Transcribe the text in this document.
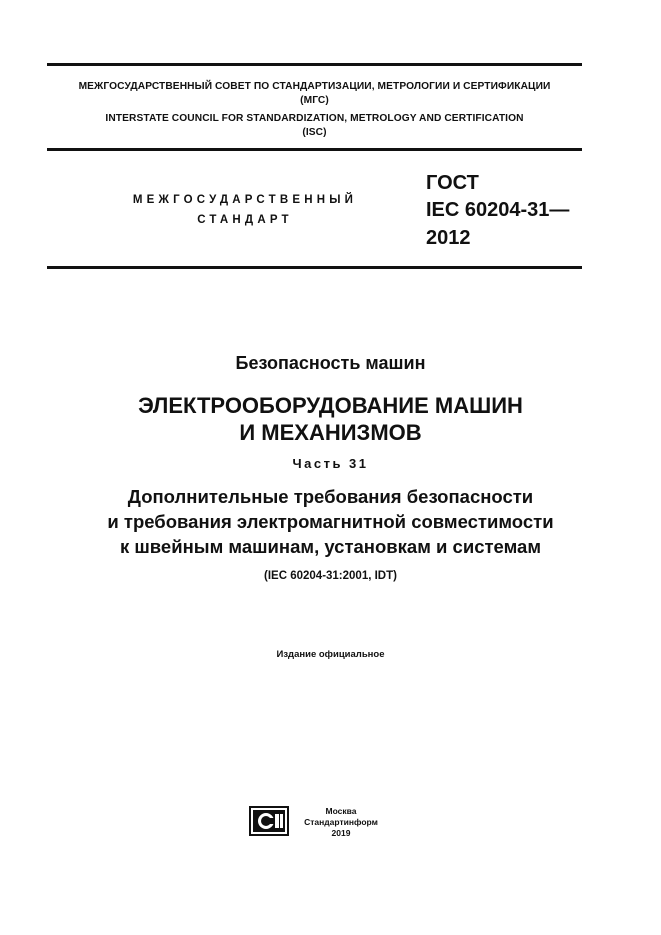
МЕЖГОСУДАРСТВЕННЫЙ СОВЕТ ПО СТАНДАРТИЗАЦИИ, МЕТРОЛОГИИ И СЕРТИФИКАЦИИ
(МГС)
INTERSTATE COUNCIL FOR STANDARDIZATION, METROLOGY AND CERTIFICATION
(ISC)
МЕЖГОСУДАРСТВЕННЫЙ
СТАНДАРТ
ГОСТ
IEC 60204-31—
2012
Безопасность машин
ЭЛЕКТРООБОРУДОВАНИЕ МАШИН
И МЕХАНИЗМОВ
Часть 31
Дополнительные требования безопасности
и требования электромагнитной совместимости
к швейным машинам, установкам и системам
(IEC 60204-31:2001, IDT)
Издание официальное
Москва
Стандартинформ
2019
